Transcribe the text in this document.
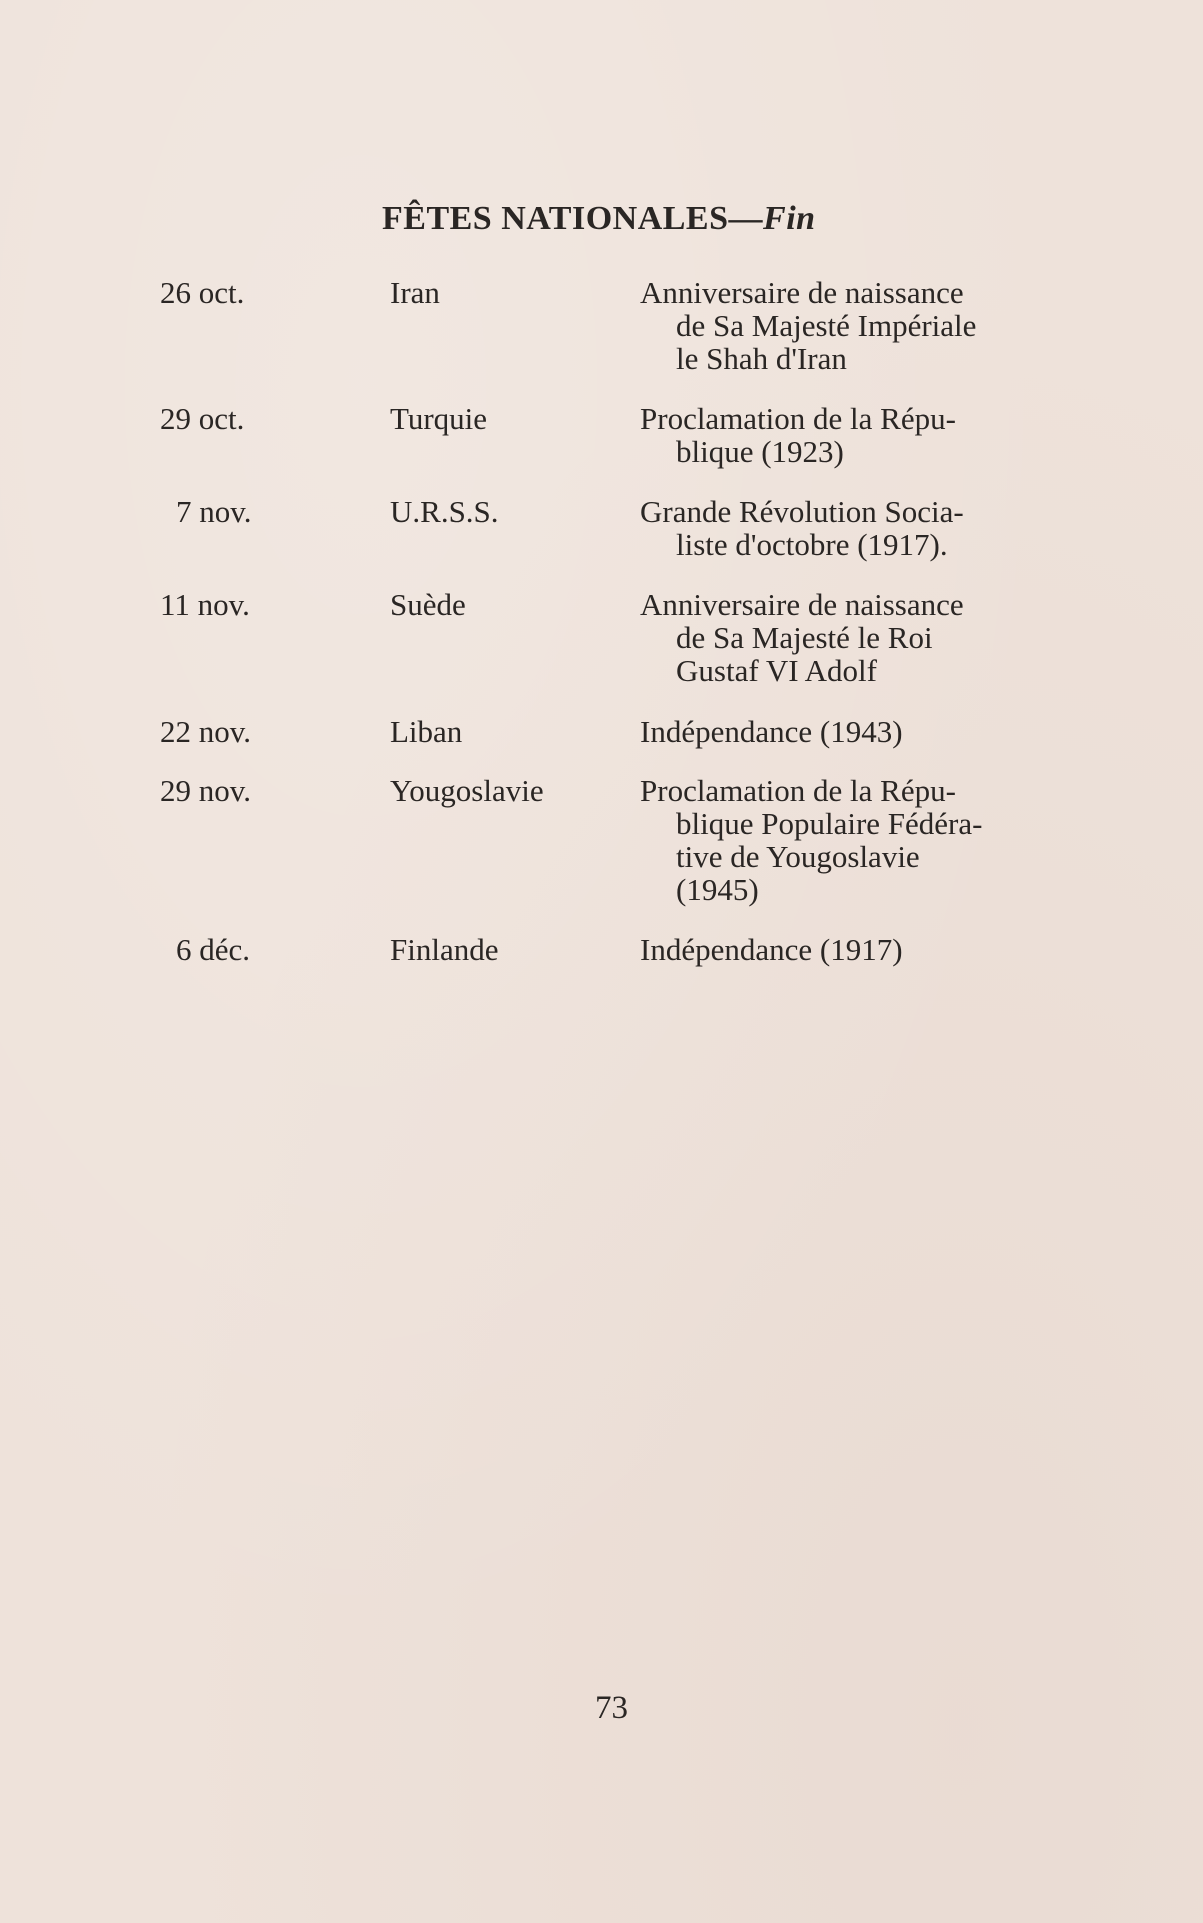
FÊTES NATIONALES—Fin
26 oct.	Iran	Anniversaire de naissance
de Sa Majesté Impériale
le Shah d'Iran
29 oct.	Turquie	Proclamation de la Répu-
blique (1923)
7 nov.	U.R.S.S.	Grande Révolution Socia-
liste d'octobre (1917).
11 nov.	Suède	Anniversaire de naissance
de Sa Majesté le Roi
Gustaf VI Adolf
22 nov.	Liban	Indépendance (1943)
29 nov.	Yougoslavie	Proclamation de la Répu-
blique Populaire Fédéra-
tive de Yougoslavie
(1945)
6 déc.	Finlande	Indépendance (1917)
73
